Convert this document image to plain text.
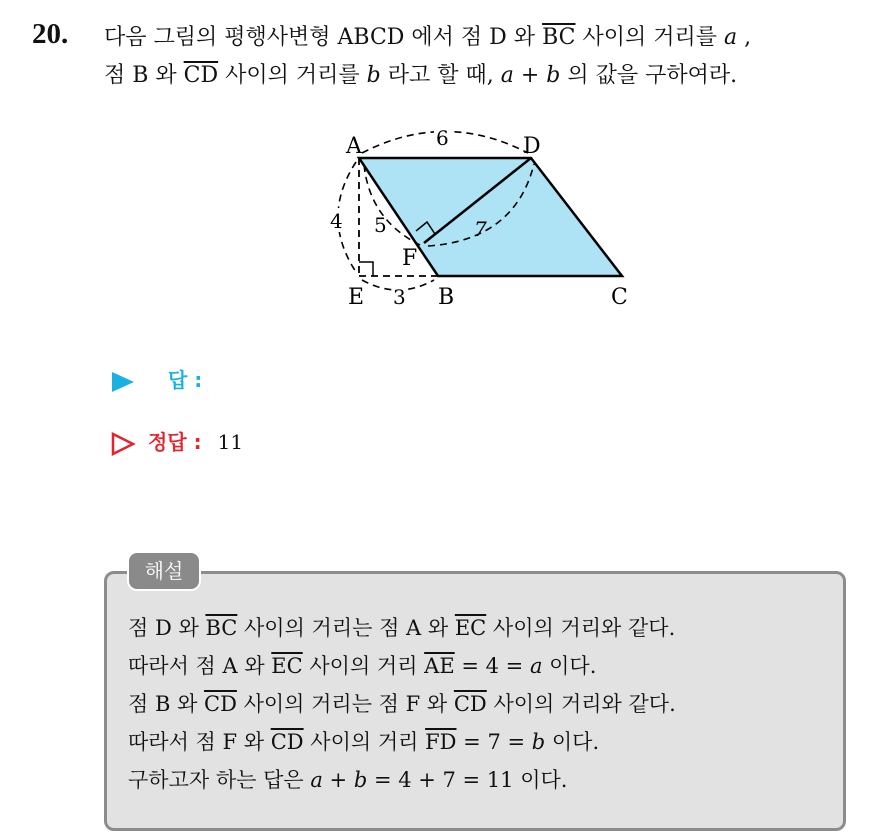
20. 다음 그림의 평행사변형 ABCD 에서 점 D 와 $\overline{BC}$ 사이의 거리를 a ,
점 B 와 $\overline{CD}$ 사이의 거리를 b 라고 할 때, a + b 의 값을 구하여라.
A	D
E	B	C
F
6
4 5	7
3
답 :
정답 : 11
해설
점 D 와 $\overline{BC}$ 사이의 거리는 점 A 와 $\overline{EC}$ 사이의 거리와 같다.
따라서 점 A 와 $\overline{EC}$ 사이의 거리 $\overline{AE} = 4 = a$ 이다.
점 B 와 $\overline{CD}$ 사이의 거리는 점 F 와 $\overline{CD}$ 사이의 거리와 같다.
따라서 점 F 와 $\overline{CD}$ 사이의 거리 $\overline{FD} = 7 = b$ 이다.
구하고자 하는 답은 a + b = 4 + 7 = 11 이다.
